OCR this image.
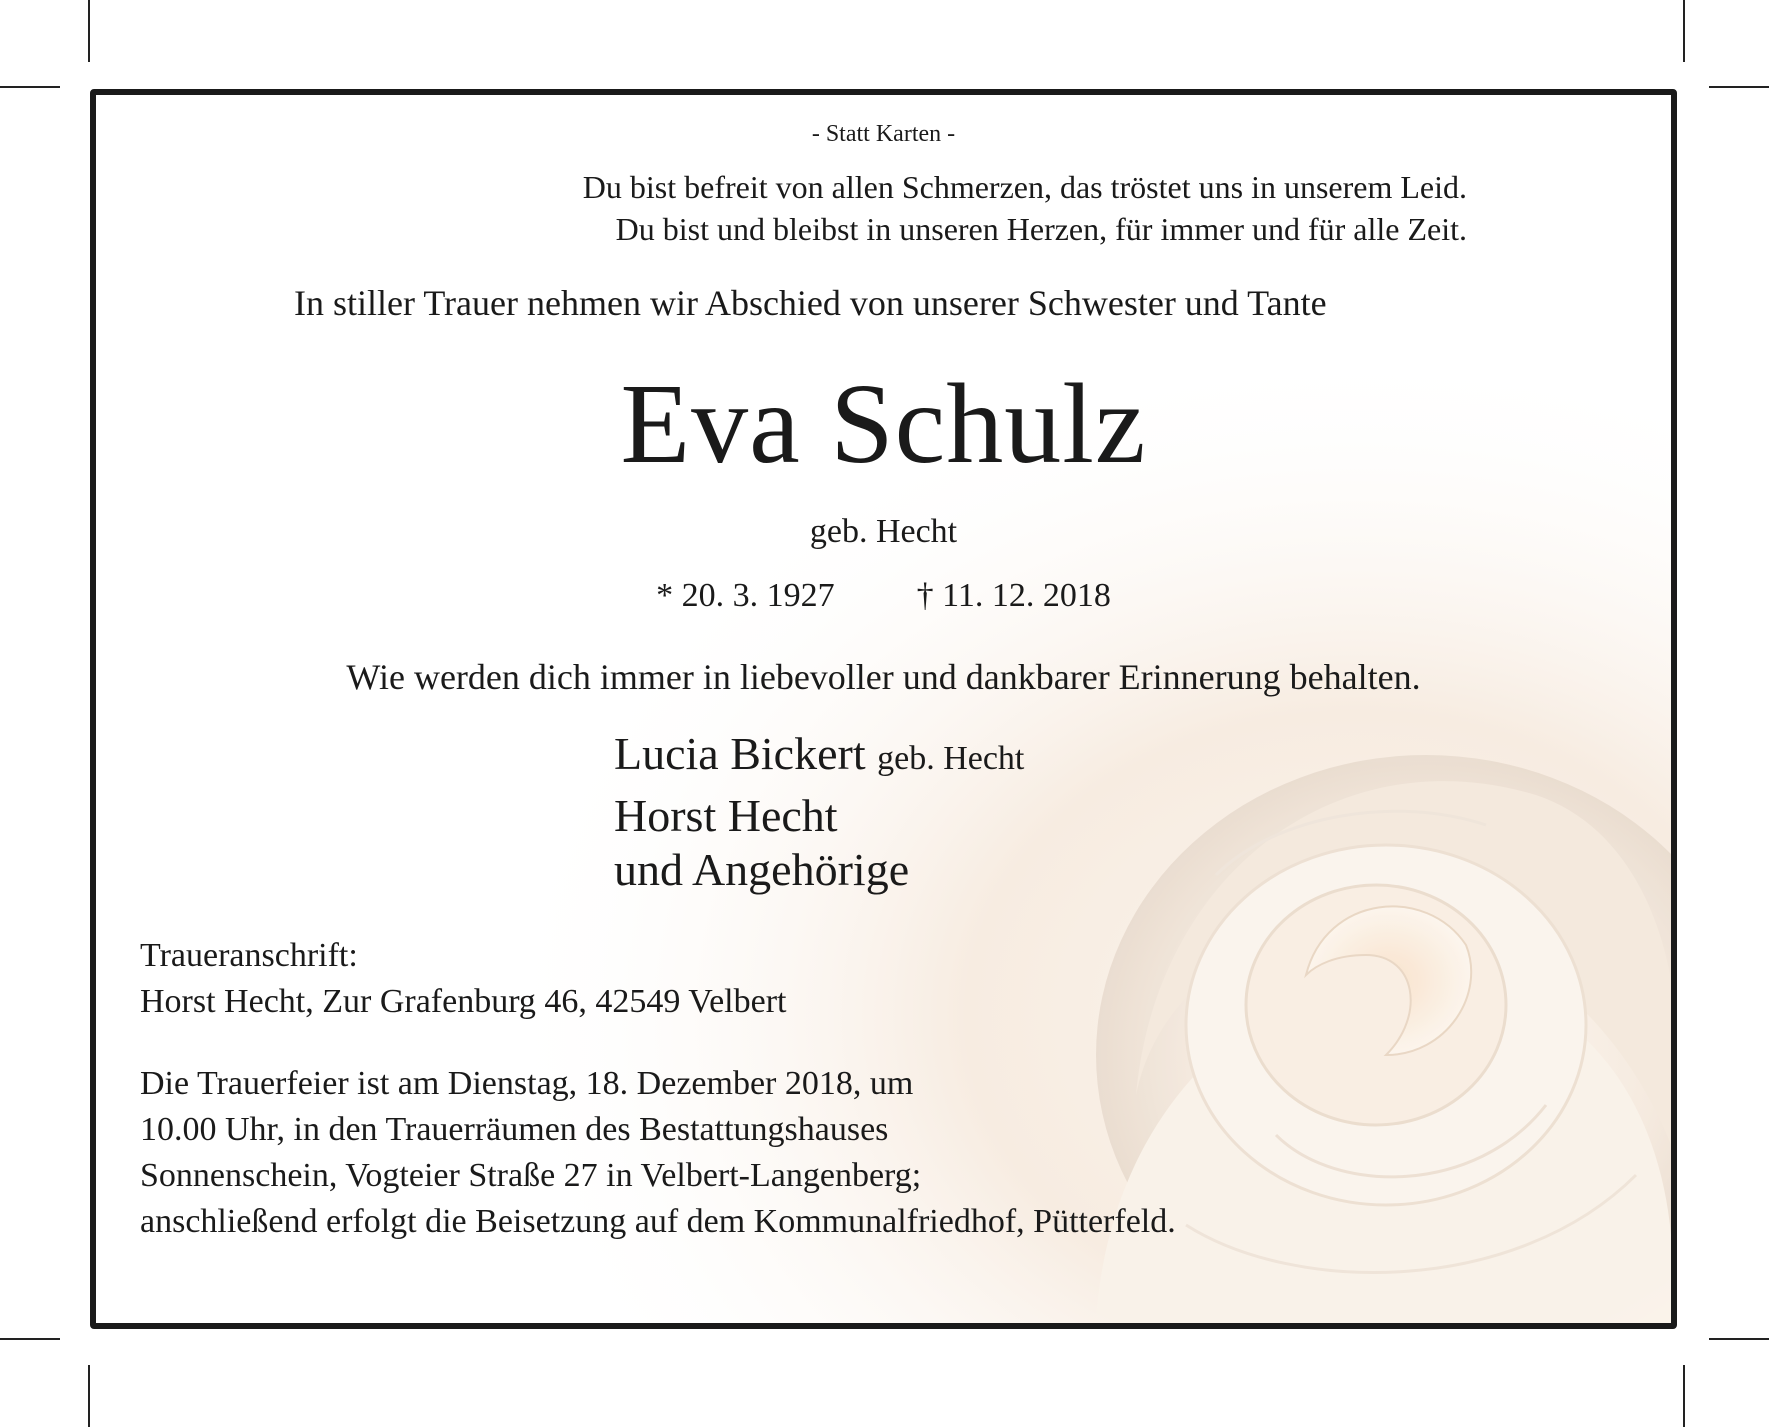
- Statt Karten -
Du bist befreit von allen Schmerzen, das tröstet uns in unserem Leid.
Du bist und bleibst in unseren Herzen, für immer und für alle Zeit.
In stiller Trauer nehmen wir Abschied von unserer Schwester und Tante
Eva Schulz
geb. Hecht
* 20. 3. 1927 † 11. 12. 2018
Wie werden dich immer in liebevoller und dankbarer Erinnerung behalten.
Lucia Bickert geb. Hecht
Horst Hecht
und Angehörige
Traueranschrift:
Horst Hecht, Zur Grafenburg 46, 42549 Velbert
Die Trauerfeier ist am Dienstag, 18. Dezember 2018, um
10.00 Uhr, in den Trauerräumen des Bestattungshauses
Sonnenschein, Vogteier Straße 27 in Velbert-Langenberg;
anschließend erfolgt die Beisetzung auf dem Kommunalfriedhof, Pütterfeld.
